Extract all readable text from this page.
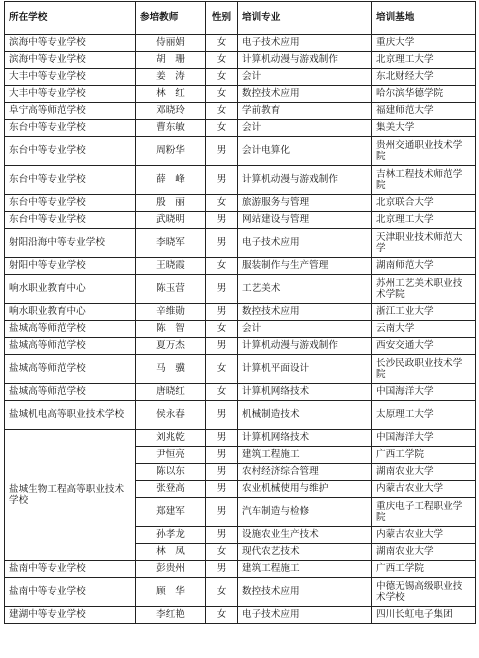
所在学校	参培教师	性别	培训专业	培训基地
滨海中等专业学校	侍丽娟	女	电子技术应用	重庆大学
滨海中等专业学校	胡　珊	女	计算机动漫与游戏制作	北京理工大学
大丰中等专业学校	姜　涛	女	会计	东北财经大学
大丰中等专业学校	林　红	女	数控技术应用	哈尔滨华德学院
阜宁高等师范学校	邓晓玲	女	学前教育	福建师范大学
东台中等专业学校	曹东敏	女	会计	集美大学
东台中等专业学校	周粉华	男	会计电算化	贵州交通职业技术学院
东台中等专业学校	薛　峰	男	计算机动漫与游戏制作	吉林工程技术师范学院
东台中等专业学校	殷　丽	女	旅游服务与管理	北京联合大学
东台中等专业学校	武晓明	男	网站建设与管理	北京理工大学
射阳沿海中等专业学校	李晓军	男	电子技术应用	天津职业技术师范大学
射阳中等专业学校	王晓霞	女	服装制作与生产管理	湖南师范大学
响水职业教育中心	陈玉营	男	工艺美术	苏州工艺美术职业技术学院
响水职业教育中心	辛维勋	男	数控技术应用	浙江工业大学
盐城高等师范学校	陈　智	女	会计	云南大学
盐城高等师范学校	夏万杰	男	计算机动漫与游戏制作	西安交通大学
盐城高等师范学校	马　骥	女	计算机平面设计	长沙民政职业技术学院
盐城高等师范学校	唐晓红	女	计算机网络技术	中国海洋大学
盐城机电高等职业技术学校	侯永春	男	机械制造技术	太原理工大学
盐城生物工程高等职业技术学校	刘兆乾	男	计算机网络技术	中国海洋大学
	尹恒亮	男	建筑工程施工	广西工学院
	陈以东	男	农村经济综合管理	湖南农业大学
	张登高	男	农业机械使用与维护	内蒙古农业大学
	郑建军	男	汽车制造与检修	重庆电子工程职业学院
	孙孝龙	男	设施农业生产技术	内蒙古农业大学
	林　凤	女	现代农艺技术	湖南农业大学
盐南中等专业学校	彭贵州	男	建筑工程施工	广西工学院
盐南中等专业学校	顾　华	女	数控技术应用	中德无锡高级职业技术学校
建湖中等专业学校	李红艳	女	电子技术应用	四川长虹电子集团
